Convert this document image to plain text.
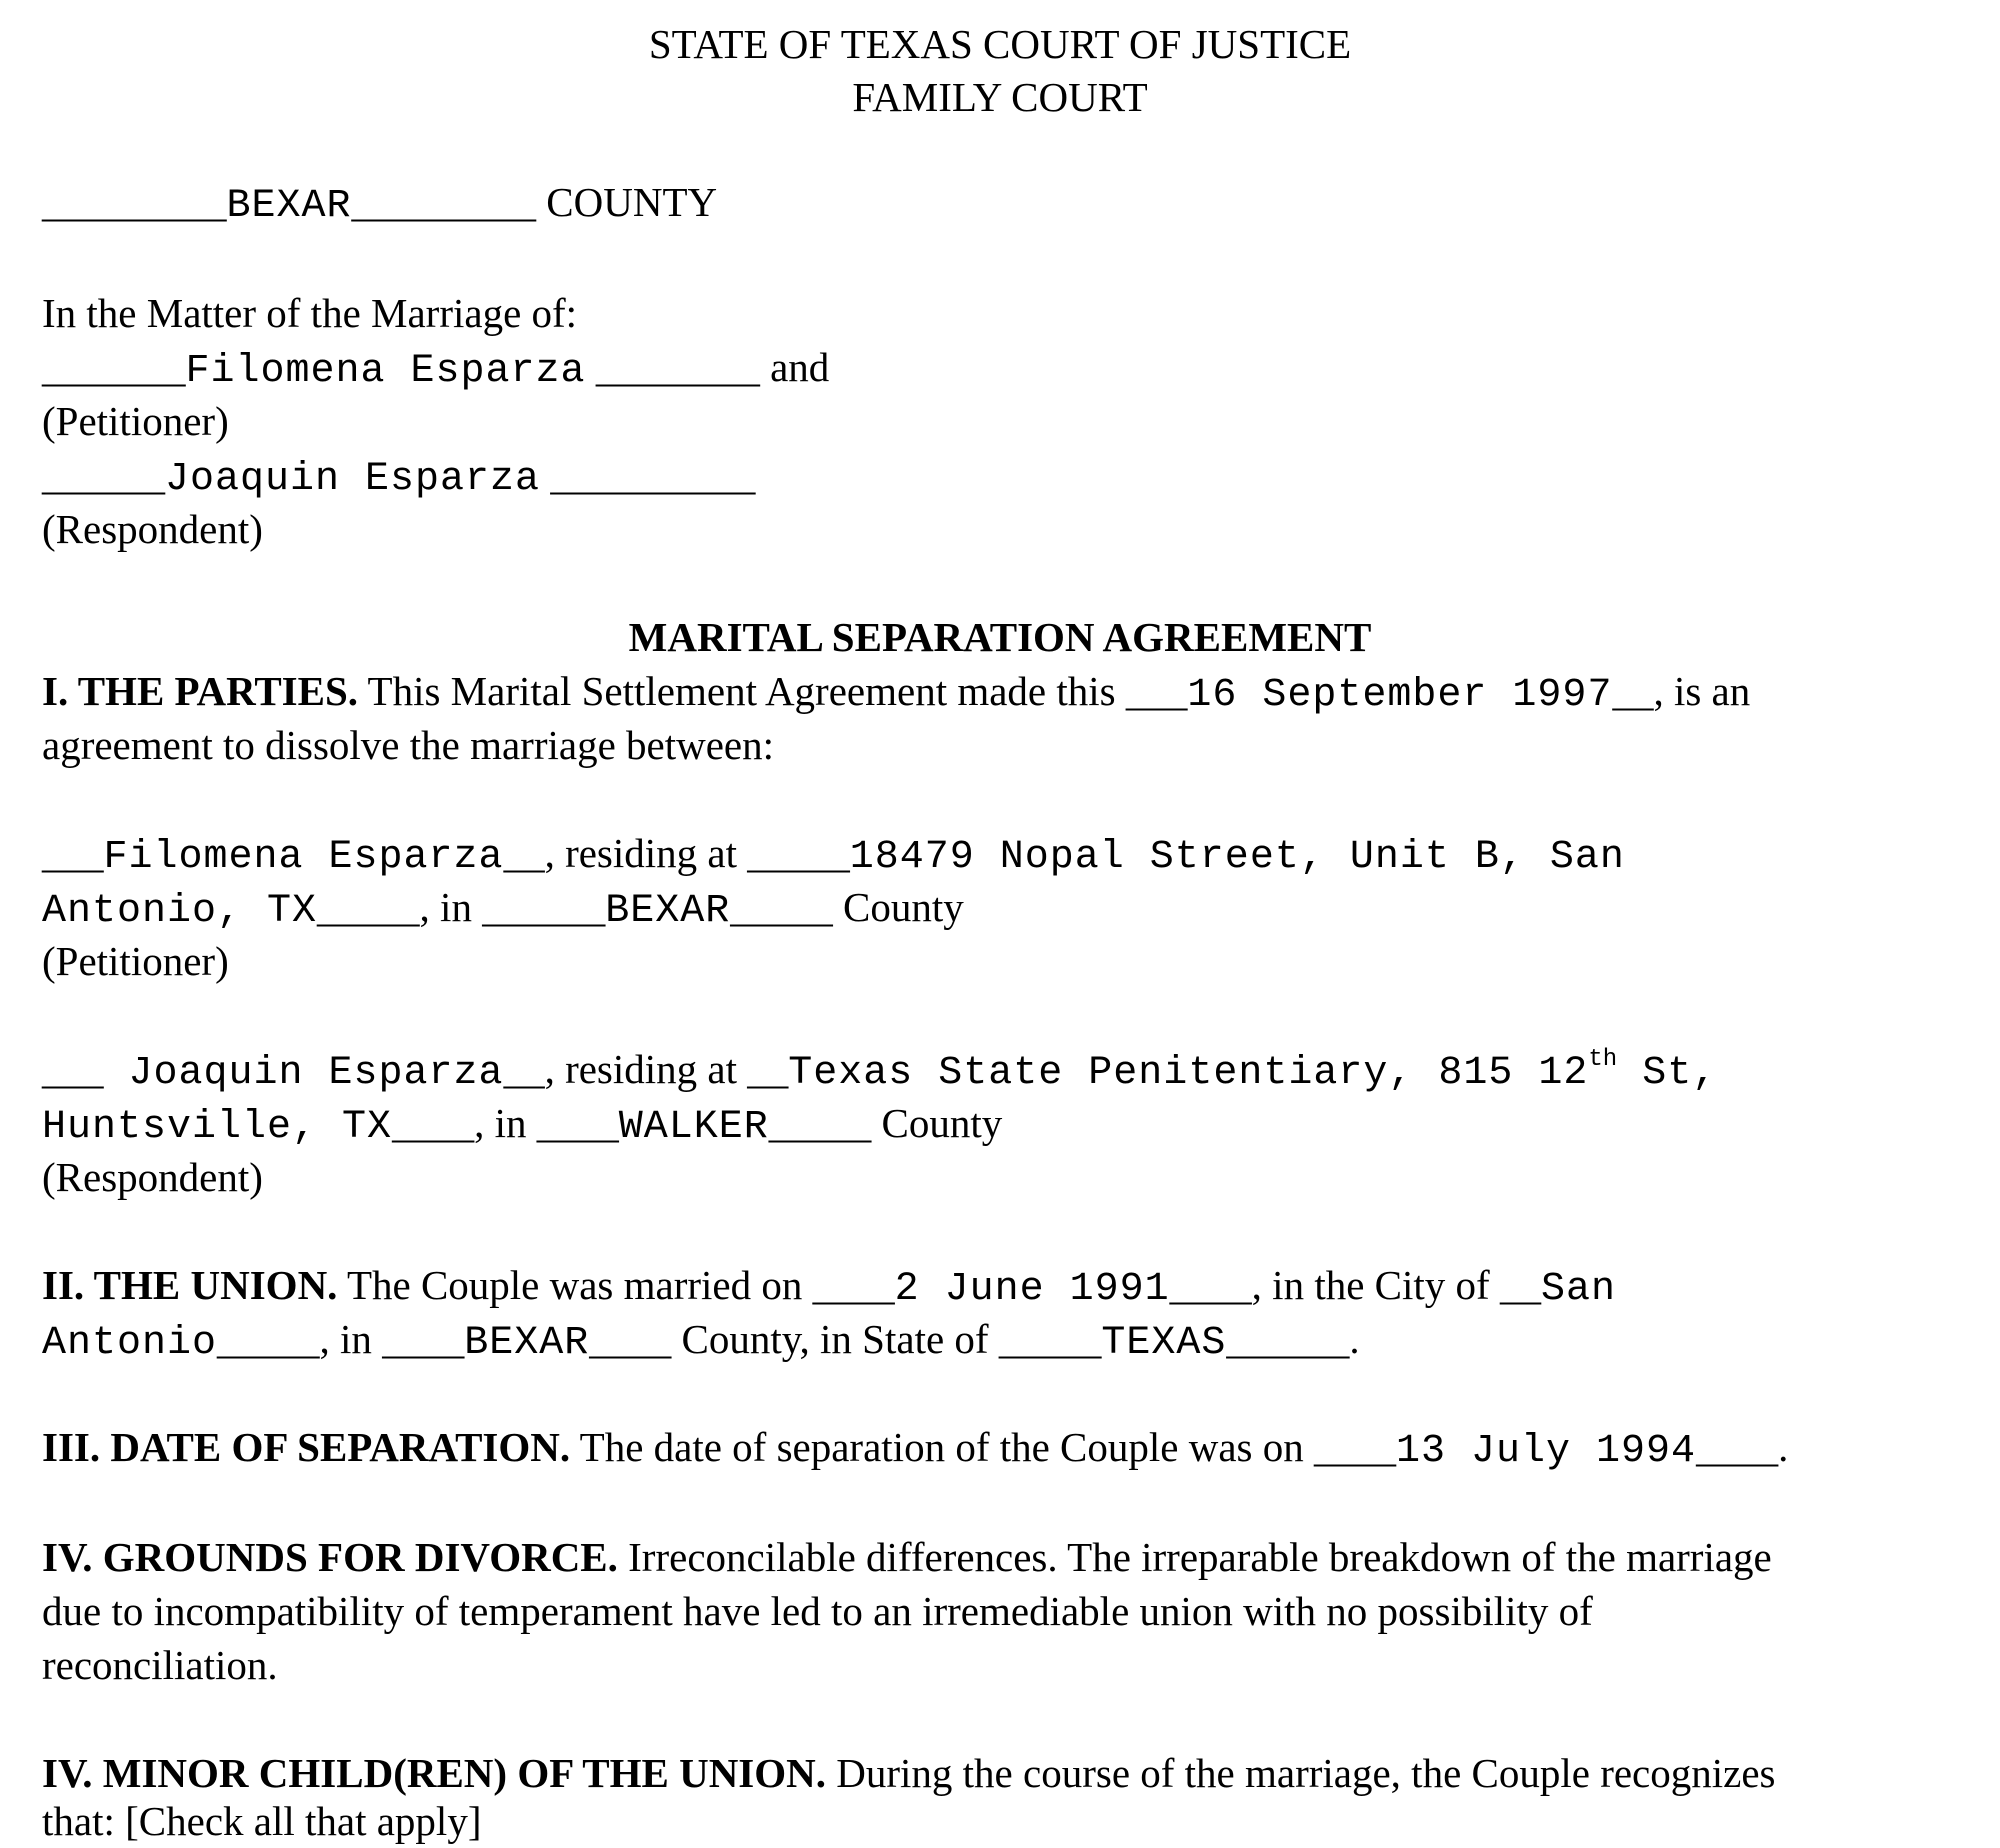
STATE OF TEXAS COURT OF JUSTICE
FAMILY COURT
_________BEXAR_________ COUNTY
In the Matter of the Marriage of:
_______Filomena Esparza ________ and
(Petitioner)
______Joaquin Esparza __________
(Respondent)
MARITAL SEPARATION AGREEMENT
I. THE PARTIES. This Marital Settlement Agreement made this ___16 September 1997__, is an
agreement to dissolve the marriage between:
___Filomena Esparza__, residing at _____18479 Nopal Street, Unit B, San
Antonio, TX_____, in ______BEXAR_____ County
(Petitioner)
___ Joaquin Esparza__, residing at __Texas State Penitentiary, 815 12th St,
Huntsville, TX____, in ____WALKER_____ County
(Respondent)
II. THE UNION. The Couple was married on ____2 June 1991____, in the City of __San
Antonio_____, in ____BEXAR____ County, in State of _____TEXAS______.
III. DATE OF SEPARATION. The date of separation of the Couple was on ____13 July 1994____.
IV. GROUNDS FOR DIVORCE. Irreconcilable differences. The irreparable breakdown of the marriage
due to incompatibility of temperament have led to an irremediable union with no possibility of
reconciliation.
IV. MINOR CHILD(REN) OF THE UNION. During the course of the marriage, the Couple recognizes
that: [Check all that apply]
